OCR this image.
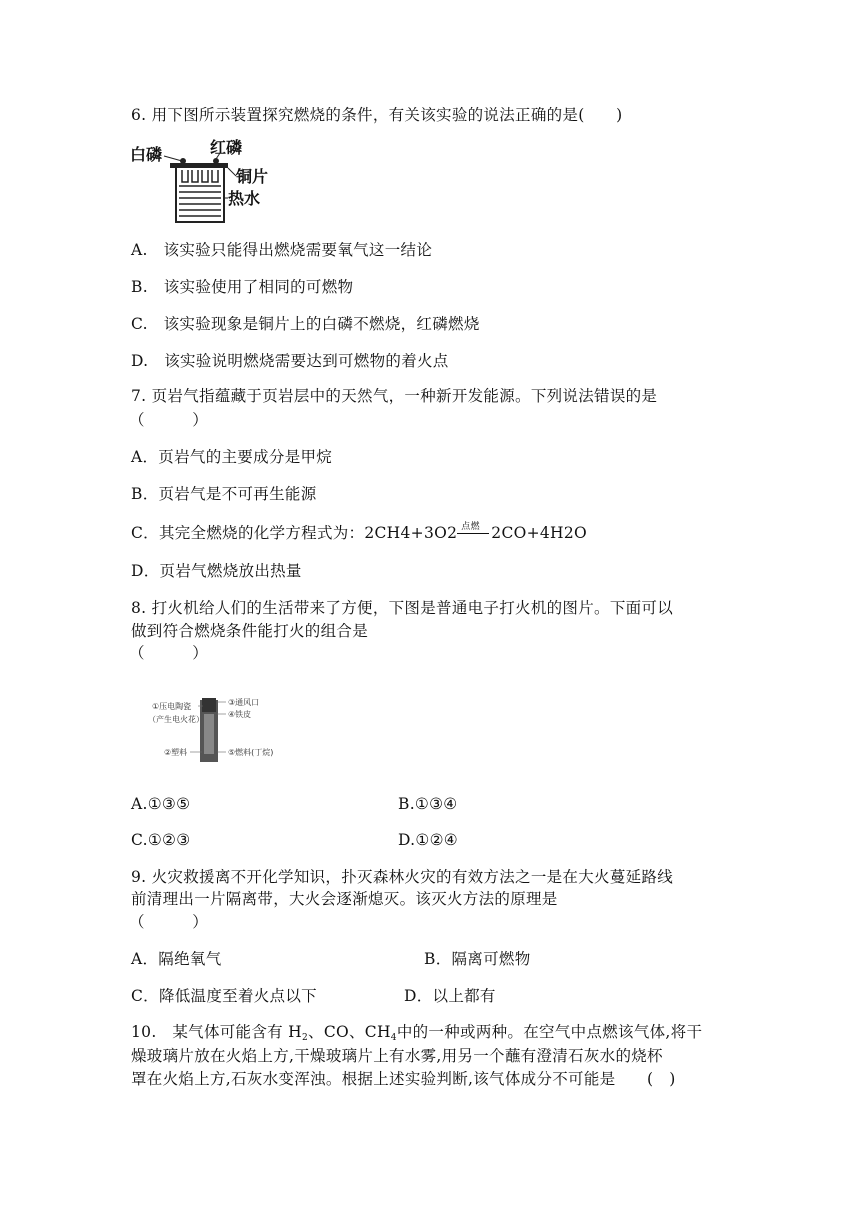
6. 用下图所示装置探究燃烧的条件，有关该实验的说法正确的是(　　)
白磷	红磷
铜片
热水
A.　该实验只能得出燃烧需要氧气这一结论
B.　该实验使用了相同的可燃物
C.　该实验现象是铜片上的白磷不燃烧，红磷燃烧
D.　该实验说明燃烧需要达到可燃物的着火点
7. 页岩气指蕴藏于页岩层中的天然气，一种新开发能源。下列说法错误的是
（　　　）
A．页岩气的主要成分是甲烷
B．页岩气是不可再生能源
C．其完全燃烧的化学方程式为：2CH4+3O2 点燃 2CO+4H2O
D．页岩气燃烧放出热量
8. 打火机给人们的生活带来了方便，下图是普通电子打火机的图片。下面可以
做到符合燃烧条件能打火的组合是
（　　　）
①压电陶瓷
（产生电火花）
③通风口
④铁皮
②塑料	⑤燃料(丁烷)
A.①③⑤	B.①③④
C.①②③	D.①②④
9. 火灾救援离不开化学知识，扑灭森林火灾的有效方法之一是在大火蔓延路线
前清理出一片隔离带，大火会逐渐熄灭。该灭火方法的原理是
（　　　）
A．隔绝氧气	B．隔离可燃物
C．降低温度至着火点以下	D．以上都有
10.　某气体可能含有 $H_2$、CO、$CH_4$中的一种或两种。在空气中点燃该气体,将干
燥玻璃片放在火焰上方,干燥玻璃片上有水雾,用另一个蘸有澄清石灰水的烧杯
罩在火焰上方,石灰水变浑浊。根据上述实验判断,该气体成分不可能是　　(　)
